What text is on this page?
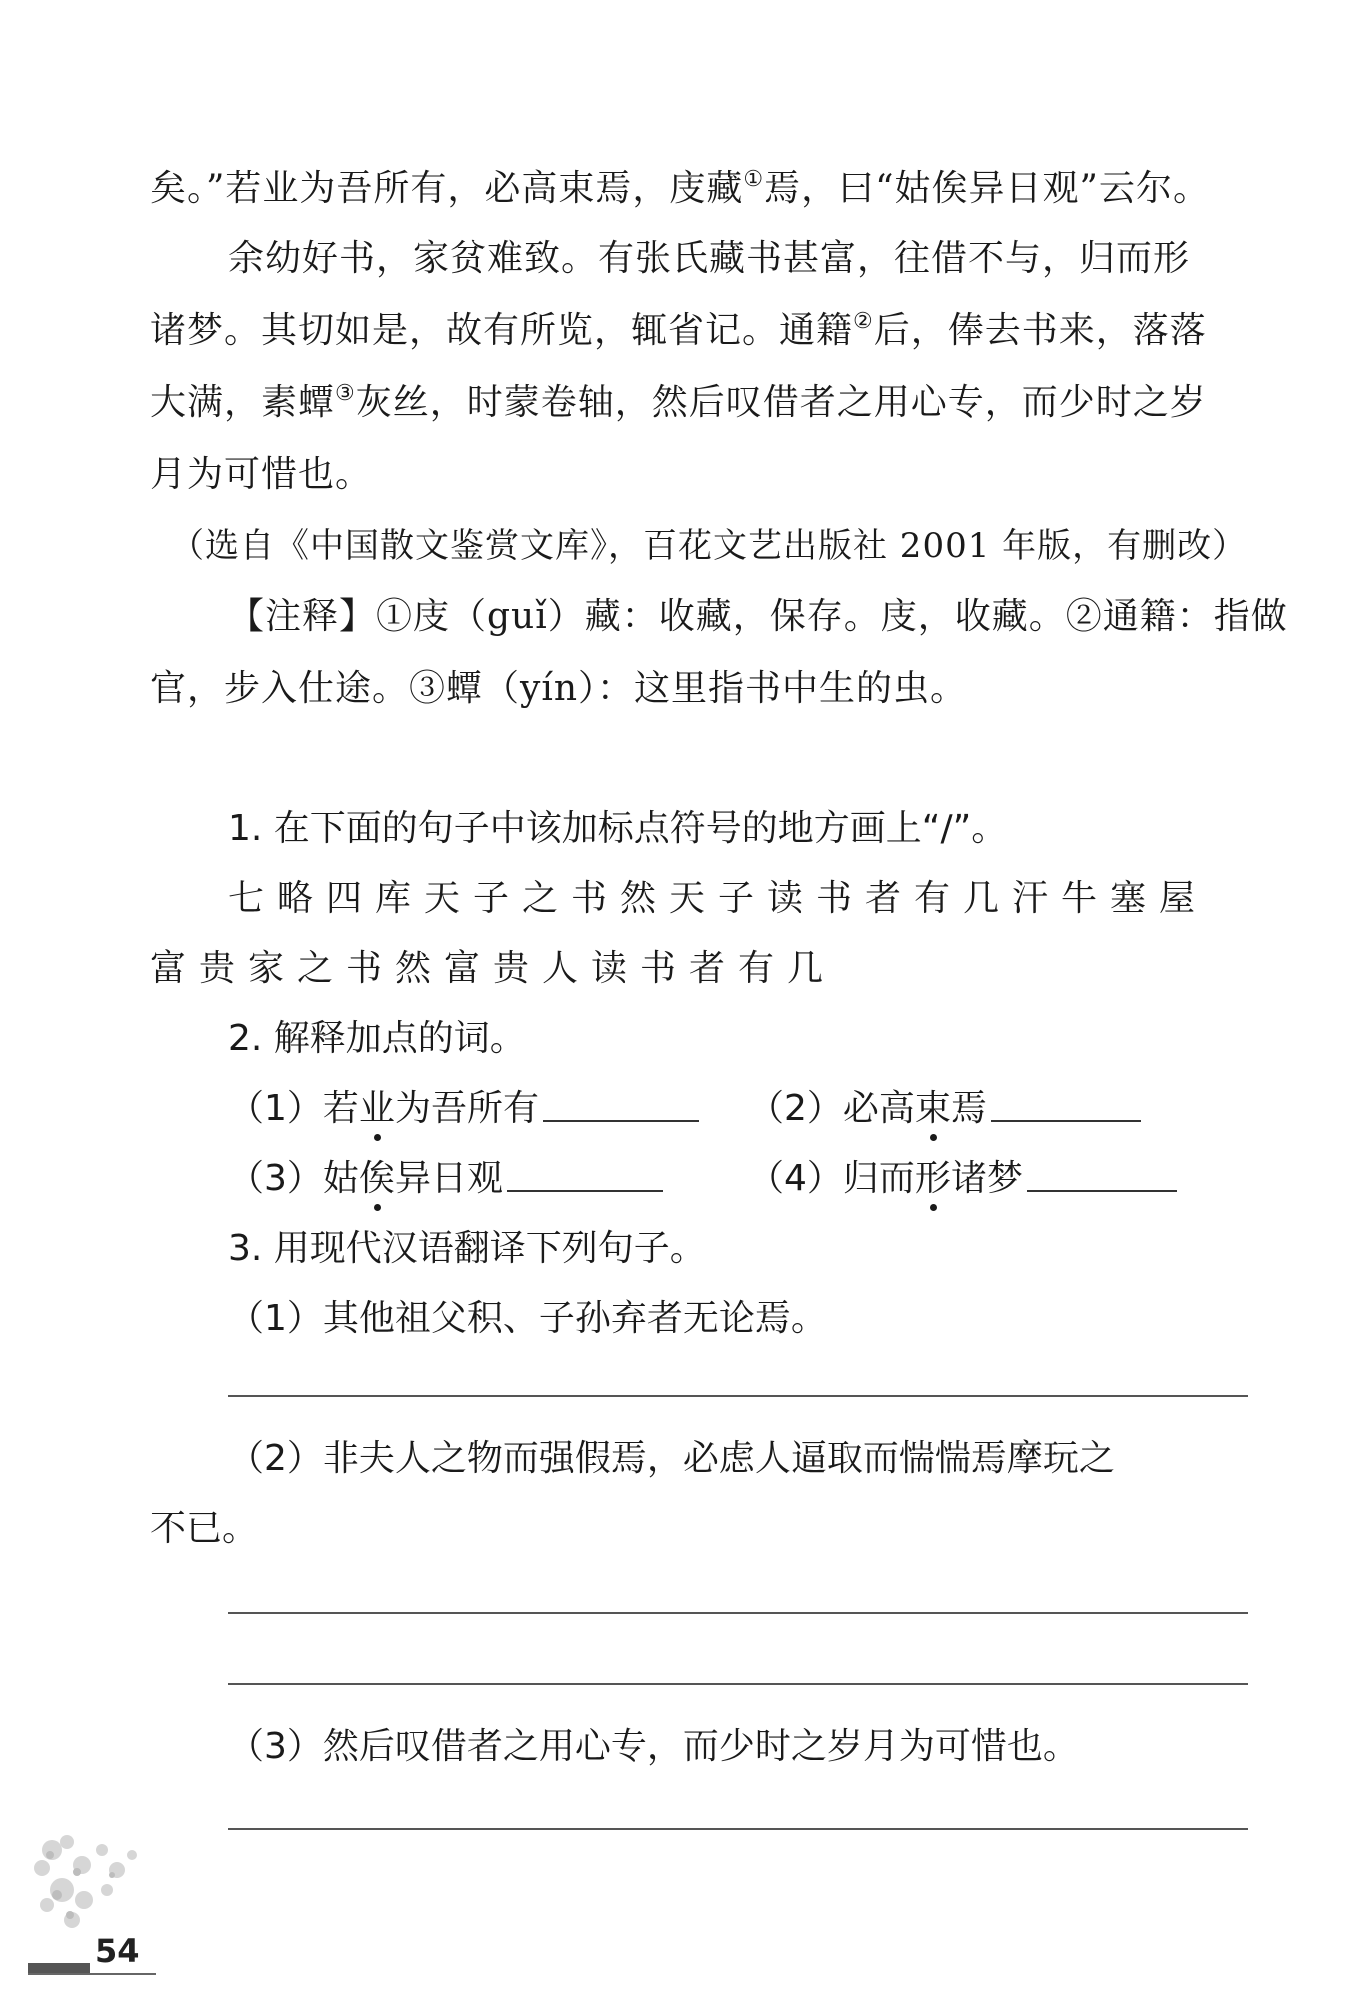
矣。”若业为吾所有，必高束焉，庋藏①焉，曰“姑俟异日观”云尔。
余幼好书，家贫难致。有张氏藏书甚富，往借不与，归而形
诸梦。其切如是，故有所览，辄省记。通籍②后，俸去书来，落落
大满，素蟫③灰丝，时蒙卷轴，然后叹借者之用心专，而少时之岁
月为可惜也。
（选自《中国散文鉴赏文库》，百花文艺出版社 2001 年版，有删改）
【注释】①庋（guǐ）藏：收藏，保存。庋，收藏。②通籍：指做
官，步入仕途。③蟫（yín）：这里指书中生的虫。
1. 在下面的句子中该加标点符号的地方画上“/”。
七略四库天子之书然天子读书者有几汗牛塞屋
富贵家之书然富贵人读书者有几
2. 解释加点的词。
（1）若业为吾所有	（2）必高束焉
（3）姑俟异日观	（4）归而形诸梦
3. 用现代汉语翻译下列句子。
（1）其他祖父积、子孙弃者无论焉。
（2）非夫人之物而强假焉，必虑人逼取而惴惴焉摩玩之
不已。
（3）然后叹借者之用心专，而少时之岁月为可惜也。
54
